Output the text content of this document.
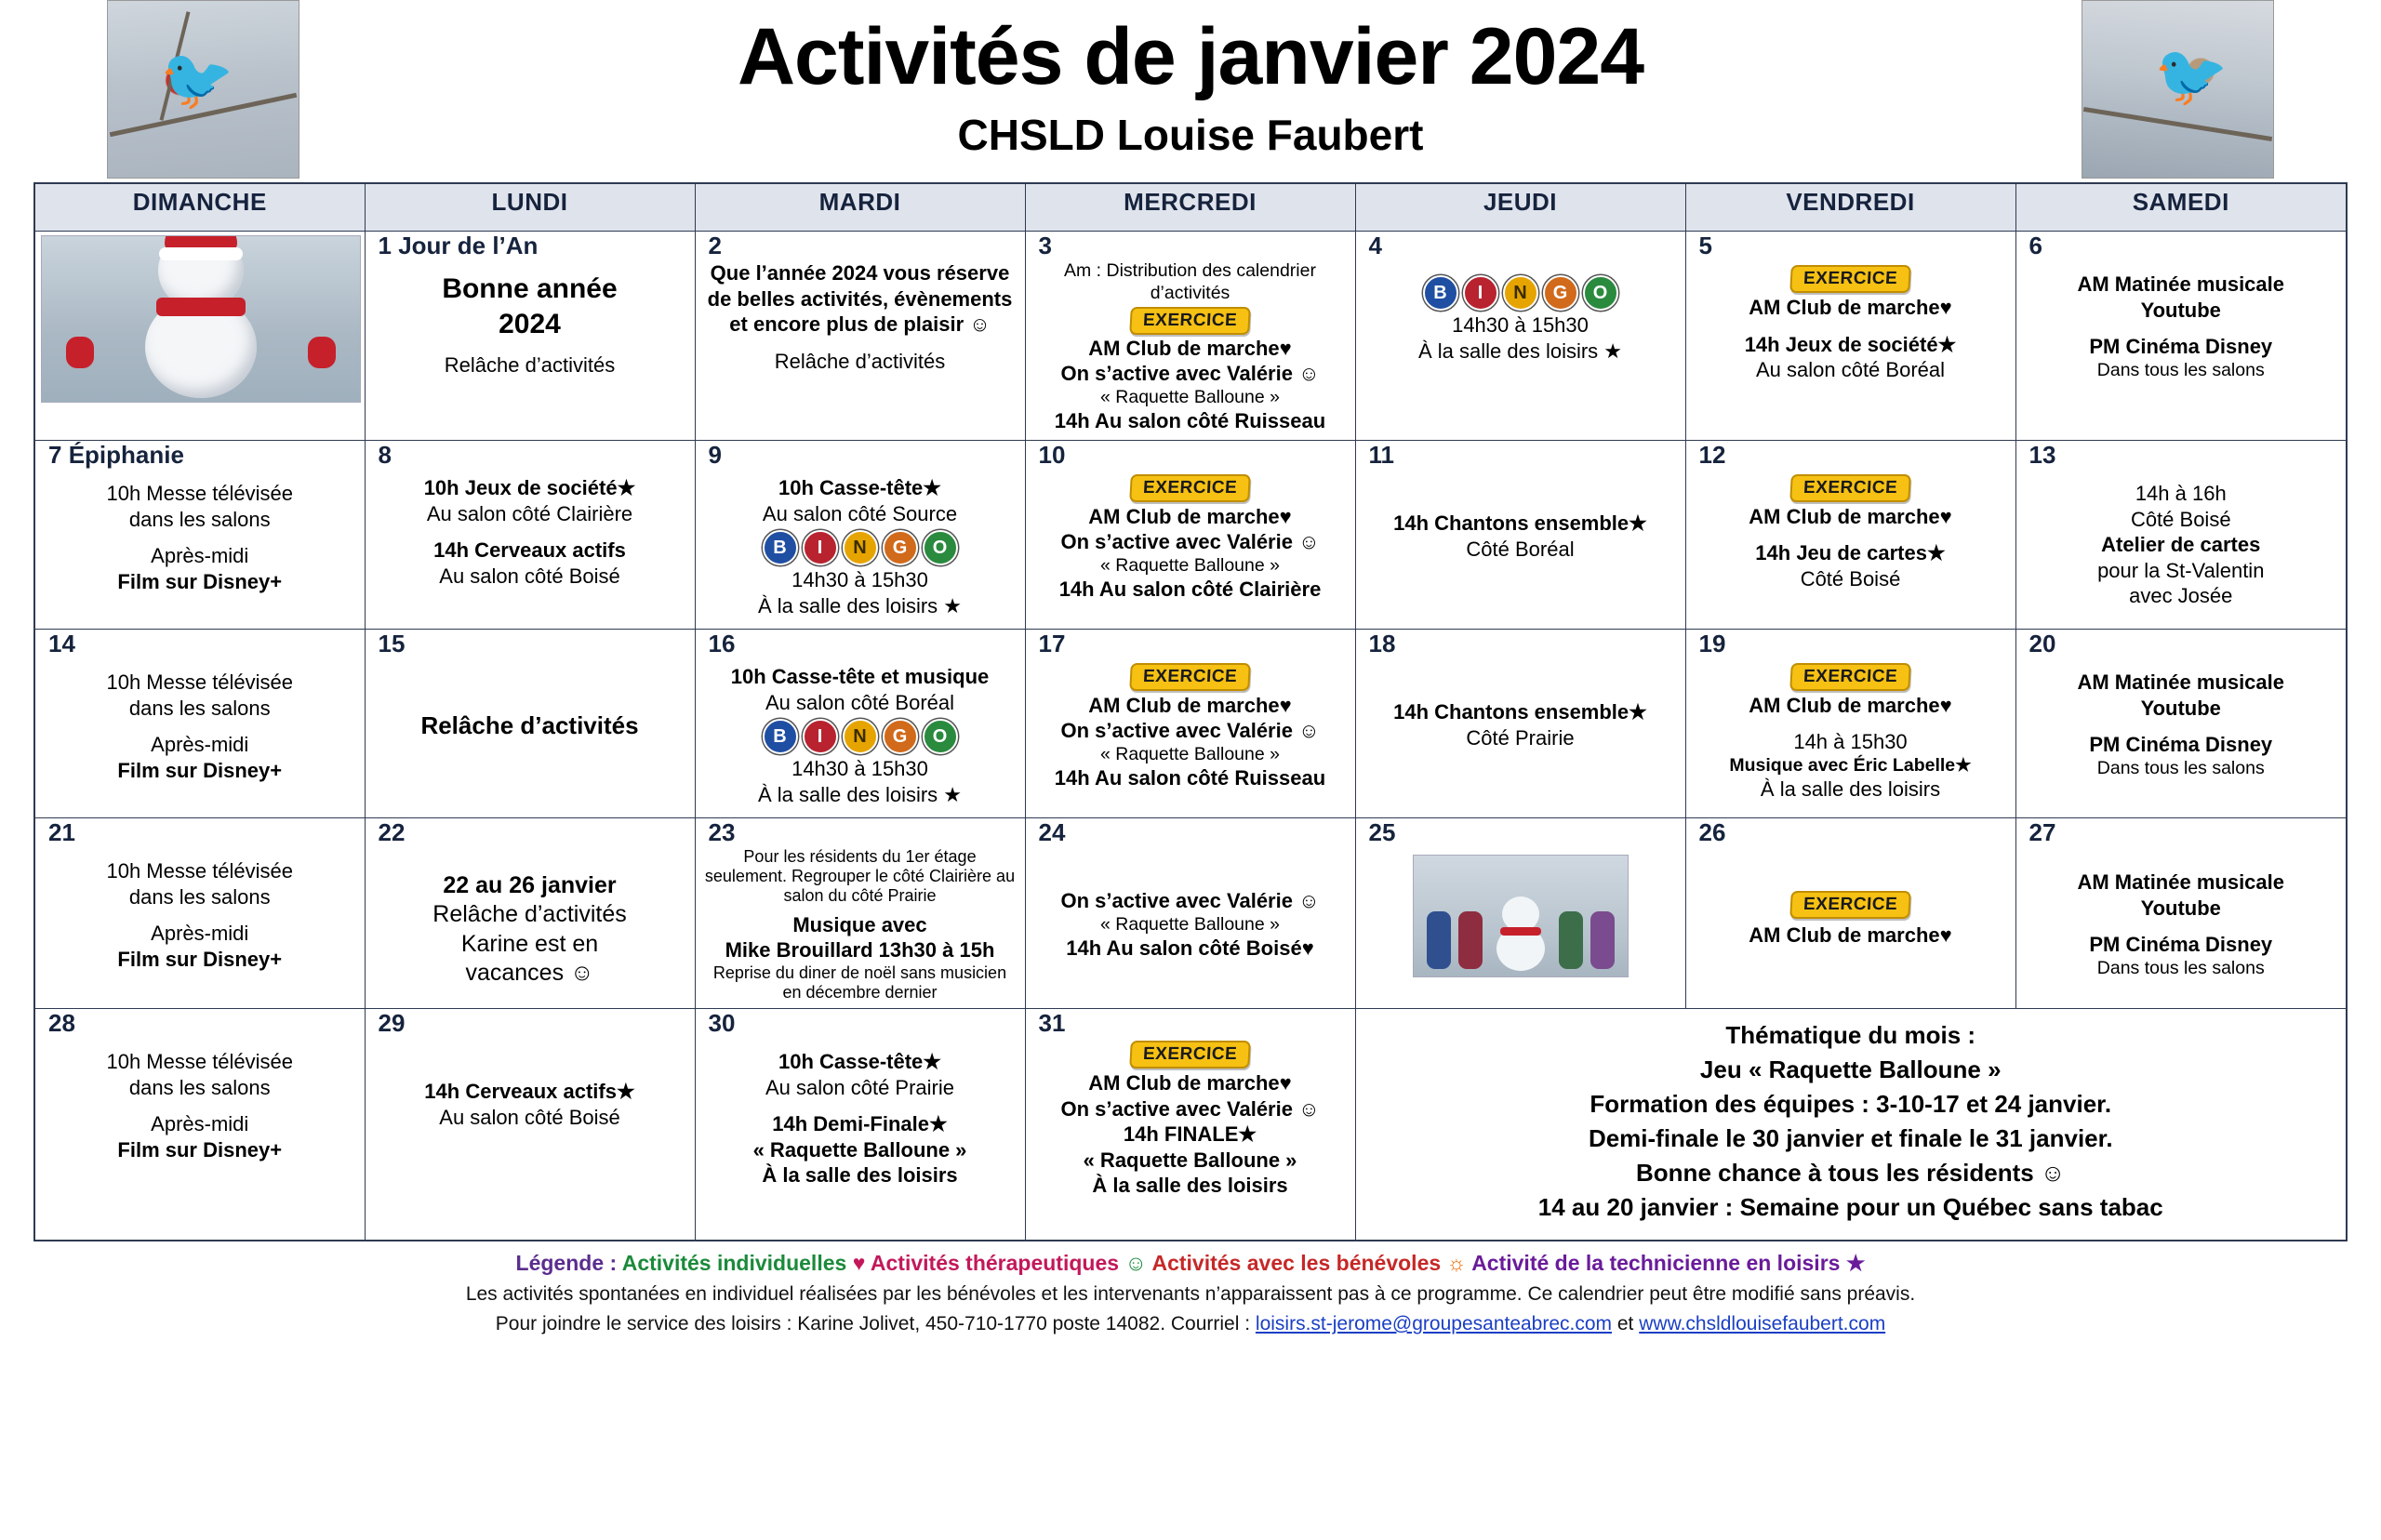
🐦	🐦
Activités de janvier 2024
CHSLD Louise Faubert
DIMANCHE	LUNDI	MARDI	MERCREDI	JEUDI	VENDREDI	SAMEDI

1 Jour de l’An
Bonne année
2024
Relâche d’activités

2
Que l’année 2024 vous réserve de belles activités, évènements et encore plus de plaisir ☺
Relâche d’activités

3
Am : Distribution des calendrier d’activités
EXERCICE
AM Club de marche♥
On s’active avec Valérie ☺
« Raquette Balloune »
14h Au salon côté Ruisseau

4
B	I	N	G	O
14h30 à 15h30
À la salle des loisirs ★

5
EXERCICE
AM Club de marche♥
14h Jeux de société★
Au salon côté Boréal

6
AM Matinée musicale
Youtube
PM Cinéma Disney
Dans tous les salons

7 Épiphanie
10h Messe télévisée
dans les salons
Après-midi
Film sur Disney+

8
10h Jeux de société★
Au salon côté Clairière
14h Cerveaux actifs
Au salon côté Boisé

9
10h Casse-tête★
Au salon côté Source
B	I	N	G	O
14h30 à 15h30
À la salle des loisirs ★

10
EXERCICE
AM Club de marche♥
On s’active avec Valérie ☺
« Raquette Balloune »
14h Au salon côté Clairière

11
14h Chantons ensemble★
Côté Boréal

12
EXERCICE
AM Club de marche♥
14h Jeu de cartes★
Côté Boisé

13
14h à 16h
Côté Boisé
Atelier de cartes
pour la St-Valentin
avec Josée

14
10h Messe télévisée
dans les salons
Après-midi
Film sur Disney+

15
Relâche d’activités

16
10h Casse-tête et musique
Au salon côté Boréal
B	I	N	G	O
14h30 à 15h30
À la salle des loisirs ★

17
EXERCICE
AM Club de marche♥
On s’active avec Valérie ☺
« Raquette Balloune »
14h Au salon côté Ruisseau

18
14h Chantons ensemble★
Côté Prairie

19
EXERCICE
AM Club de marche♥
14h à 15h30
Musique avec Éric Labelle★
À la salle des loisirs

20
AM Matinée musicale
Youtube
PM Cinéma Disney
Dans tous les salons

21
10h Messe télévisée
dans les salons
Après-midi
Film sur Disney+

22
22 au 26 janvier
Relâche d’activités
Karine est en
vacances ☺

23
Pour les résidents du 1er étage seulement. Regrouper le côté Clairière au salon du côté Prairie
Musique avec
Mike Brouillard 13h30 à 15h
Reprise du diner de noël sans musicien en décembre dernier

24
On s’active avec Valérie ☺
« Raquette Balloune »
14h Au salon côté Boisé♥

25	26
EXERCICE
AM Club de marche♥

27
AM Matinée musicale
Youtube
PM Cinéma Disney
Dans tous les salons

28
10h Messe télévisée
dans les salons
Après-midi
Film sur Disney+

29
14h Cerveaux actifs★
Au salon côté Boisé

30
10h Casse-tête★
Au salon côté Prairie
14h Demi-Finale★
« Raquette Balloune »
À la salle des loisirs

31
EXERCICE
AM Club de marche♥
On s’active avec Valérie ☺
14h FINALE★
« Raquette Balloune »
À la salle des loisirs

Thématique du mois :
Jeu « Raquette Balloune »
Formation des équipes : 3-10-17 et 24 janvier.
Demi-finale le 30 janvier et finale le 31 janvier.
Bonne chance à tous les résidents ☺
14 au 20 janvier : Semaine pour un Québec sans tabac
Légende : Activités individuelles ♥ Activités thérapeutiques ☺ Activités avec les bénévoles ☼ Activité de la technicienne en loisirs ★
Les activités spontanées en individuel réalisées par les bénévoles et les intervenants n’apparaissent pas à ce programme. Ce calendrier peut être modifié sans préavis.
Pour joindre le service des loisirs : Karine Jolivet, 450-710-1770 poste 14082. Courriel : loisirs.st-jerome@groupesanteabrec.com et www.chsldlouisefaubert.com
